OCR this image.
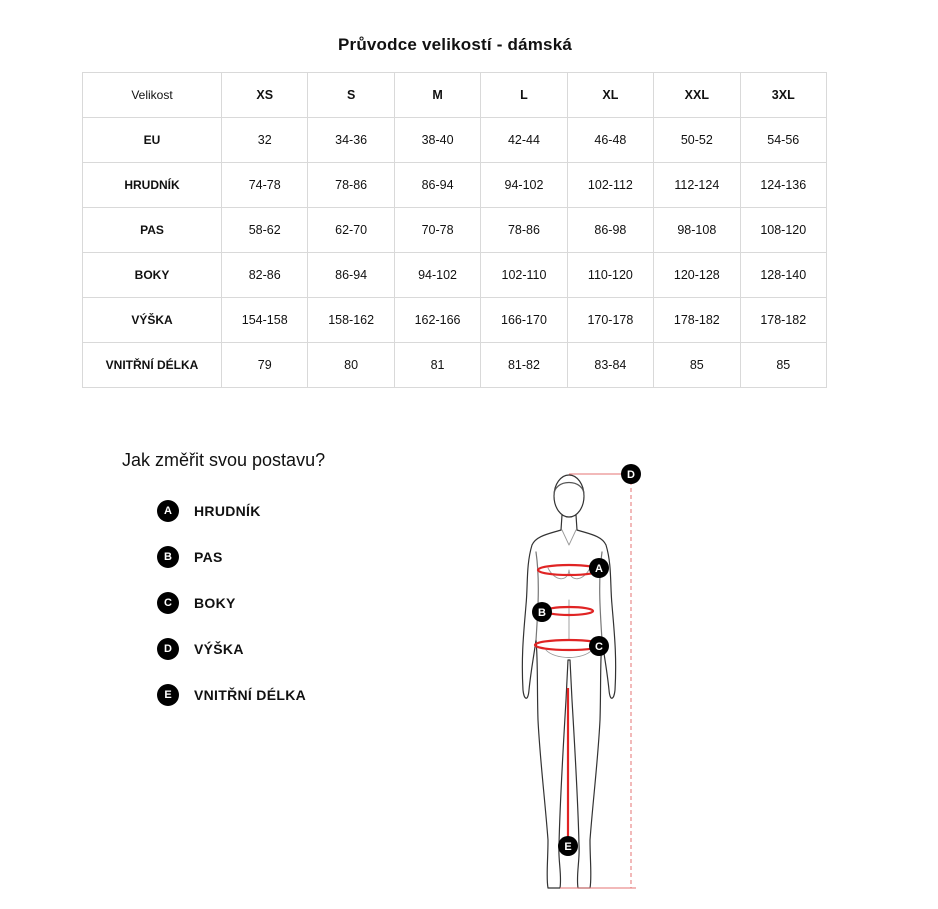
Průvodce velikostí - dámská
Velikost	XS	S	M	L	XL	XXL	3XL
EU	32	34-36	38-40	42-44	46-48	50-52	54-56
HRUDNÍK	74-78	78-86	86-94	94-102	102-112	112-124	124-136
PAS	58-62	62-70	70-78	78-86	86-98	98-108	108-120
BOKY	82-86	86-94	94-102	102-110	110-120	120-128	128-140
VÝŠKA	154-158	158-162	162-166	166-170	170-178	178-182	178-182
VNITŘNÍ DÉLKA	79	80	81	81-82	83-84	85	85
Jak změřit svou postavu?
A	HRUDNÍK
B	PAS
C	BOKY
D	VÝŠKA
E	VNITŘNÍ DÉLKA
D
A
B
C
E
